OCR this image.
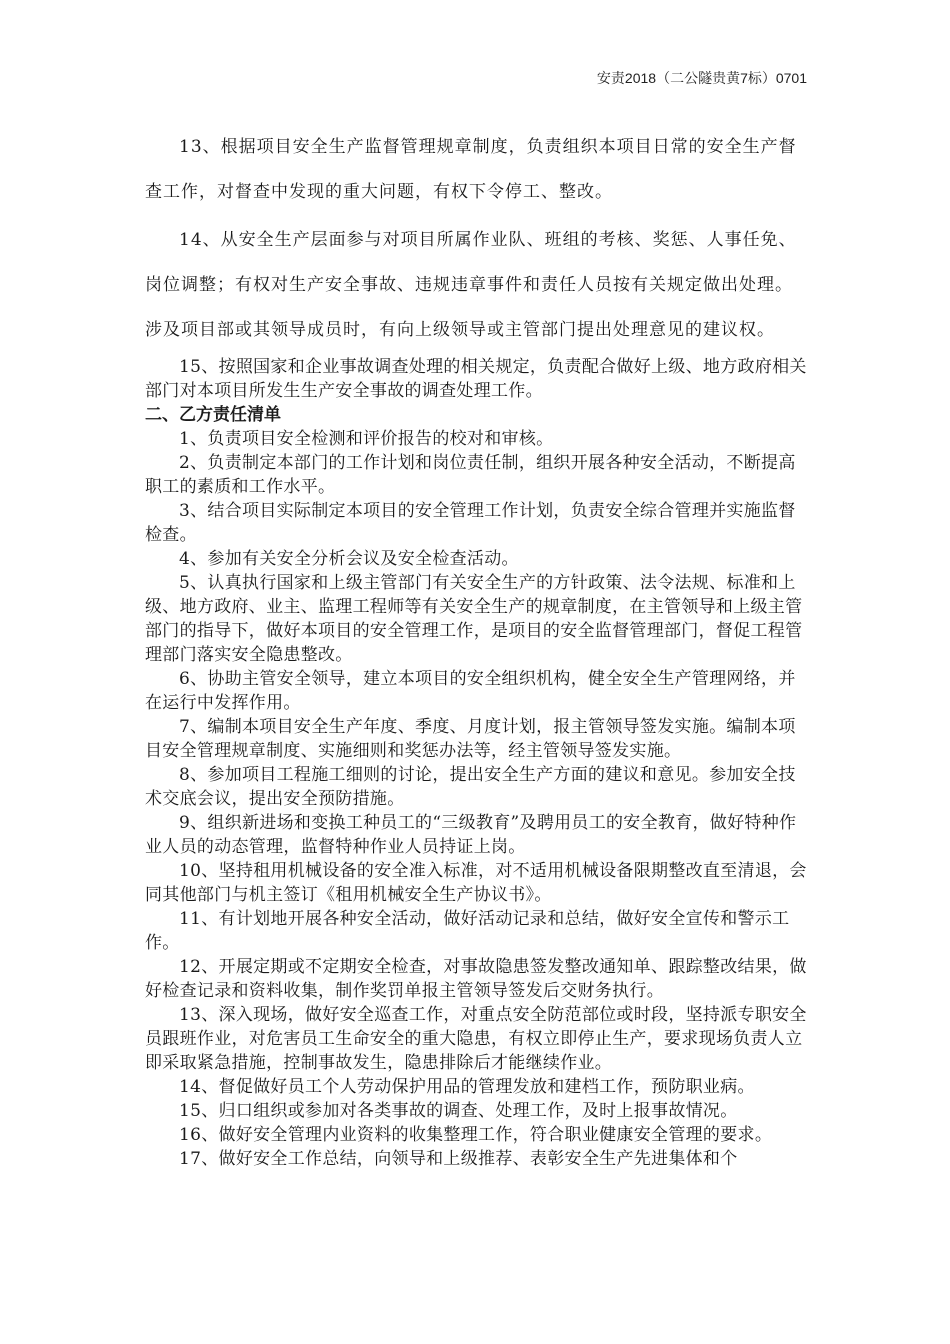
安责2018（二公隧贵黄7标）0701

13、根据项目安全生产监督管理规章制度，负责组织本项目日常的安全生产督查工作，对督查中发现的重大问题，有权下令停工、整改。

14、从安全生产层面参与对项目所属作业队、班组的考核、奖惩、人事任免、岗位调整；有权对生产安全事故、违规违章事件和责任人员按有关规定做出处理。涉及项目部或其领导成员时，有向上级领导或主管部门提出处理意见的建议权。

15、按照国家和企业事故调查处理的相关规定，负责配合做好上级、地方政府相关部门对本项目所发生生产安全事故的调查处理工作。

二、乙方责任清单

1、负责项目安全检测和评价报告的校对和审核。

2、负责制定本部门的工作计划和岗位责任制，组织开展各种安全活动，不断提高职工的素质和工作水平。

3、结合项目实际制定本项目的安全管理工作计划，负责安全综合管理并实施监督检查。

4、参加有关安全分析会议及安全检查活动。

5、认真执行国家和上级主管部门有关安全生产的方针政策、法令法规、标准和上级、地方政府、业主、监理工程师等有关安全生产的规章制度，在主管领导和上级主管部门的指导下，做好本项目的安全管理工作，是项目的安全监督管理部门，督促工程管理部门落实安全隐患整改。

6、协助主管安全领导，建立本项目的安全组织机构，健全安全生产管理网络，并在运行中发挥作用。

7、编制本项目安全生产年度、季度、月度计划，报主管领导签发实施。编制本项目安全管理规章制度、实施细则和奖惩办法等，经主管领导签发实施。

8、参加项目工程施工细则的讨论，提出安全生产方面的建议和意见。参加安全技术交底会议，提出安全预防措施。

9、组织新进场和变换工种员工的“三级教育”及聘用员工的安全教育，做好特种作业人员的动态管理，监督特种作业人员持证上岗。

10、坚持租用机械设备的安全准入标准，对不适用机械设备限期整改直至清退，会同其他部门与机主签订《租用机械安全生产协议书》。

11、有计划地开展各种安全活动，做好活动记录和总结，做好安全宣传和警示工作。

12、开展定期或不定期安全检查，对事故隐患签发整改通知单、跟踪整改结果，做好检查记录和资料收集，制作奖罚单报主管领导签发后交财务执行。

13、深入现场，做好安全巡查工作，对重点安全防范部位或时段，坚持派专职安全员跟班作业，对危害员工生命安全的重大隐患，有权立即停止生产，要求现场负责人立即采取紧急措施，控制事故发生，隐患排除后才能继续作业。

14、督促做好员工个人劳动保护用品的管理发放和建档工作，预防职业病。

15、归口组织或参加对各类事故的调查、处理工作，及时上报事故情况。

16、做好安全管理内业资料的收集整理工作，符合职业健康安全管理的要求。

17、做好安全工作总结，向领导和上级推荐、表彰安全生产先进集体和个
